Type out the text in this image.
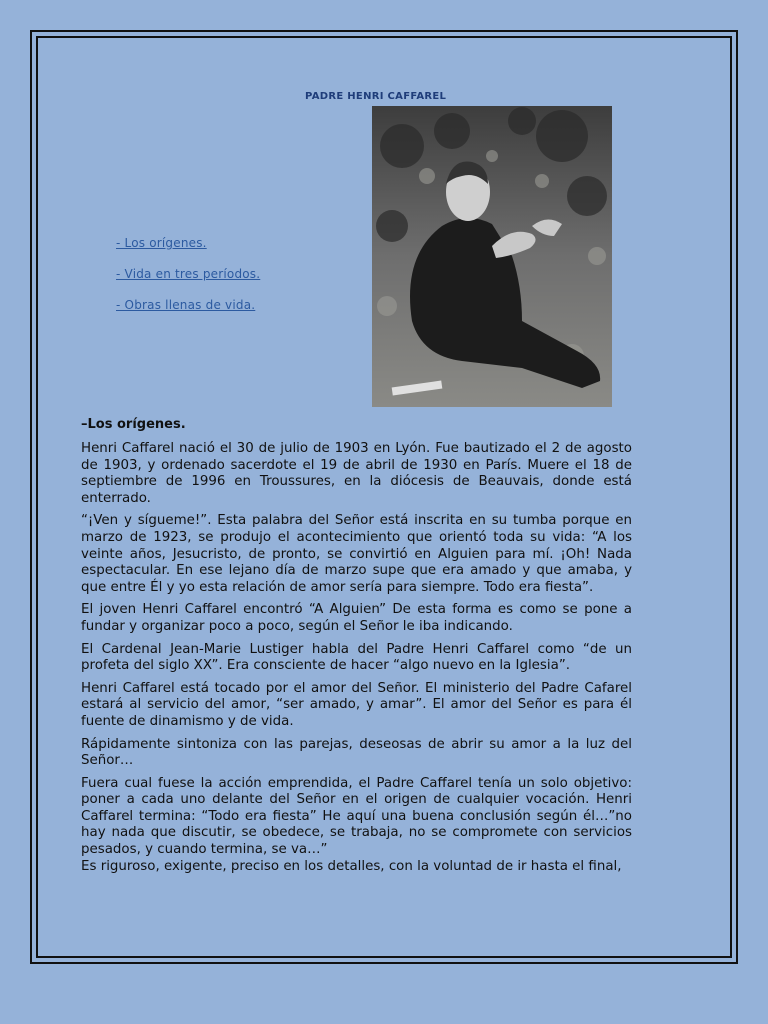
PADRE HENRI CAFFAREL
- Los orígenes.
- Vida en tres períodos.
- Obras llenas de vida.
–Los orígenes.

Henri Caffarel nació el 30 de julio de 1903 en Lyón. Fue bautizado el 2 de agosto de 1903, y ordenado sacerdote el 19 de abril de 1930 en París. Muere el 18 de septiembre de 1996 en Troussures, en la diócesis de Beauvais, donde está enterrado.

“¡Ven y sígueme!”. Esta palabra del Señor está inscrita en su tumba porque en marzo de 1923, se produjo el acontecimiento que orientó toda su vida: “A los veinte años, Jesucristo, de pronto, se convirtió en Alguien para mí. ¡Oh! Nada espectacular. En ese lejano día de marzo supe que era amado y que amaba, y que entre Él y yo esta relación de amor sería para siempre. Todo era fiesta”.

El joven Henri Caffarel encontró “A Alguien” De esta forma es como se pone a fundar y organizar poco a poco, según el Señor le iba indicando.

El Cardenal Jean-Marie Lustiger habla del Padre Henri Caffarel como “de un profeta del siglo XX”. Era consciente de hacer “algo nuevo en la Iglesia”.

Henri Caffarel está tocado por el amor del Señor. El ministerio del Padre Cafarel estará al servicio del amor, “ser amado, y amar”. El amor del Señor es para él fuente de dinamismo y de vida.

Rápidamente sintoniza con las parejas, deseosas de abrir su amor a la luz del Señor…

Fuera cual fuese la acción emprendida, el Padre Caffarel tenía un solo objetivo: poner a cada uno delante del Señor en el origen de cualquier vocación. Henri Caffarel termina: “Todo era fiesta” He aquí una buena conclusión según él…”no hay nada que discutir, se obedece, se trabaja, no se compromete con servicios pesados, y cuando termina, se va…”

Es riguroso, exigente, preciso en los detalles, con la voluntad de ir hasta el final,
